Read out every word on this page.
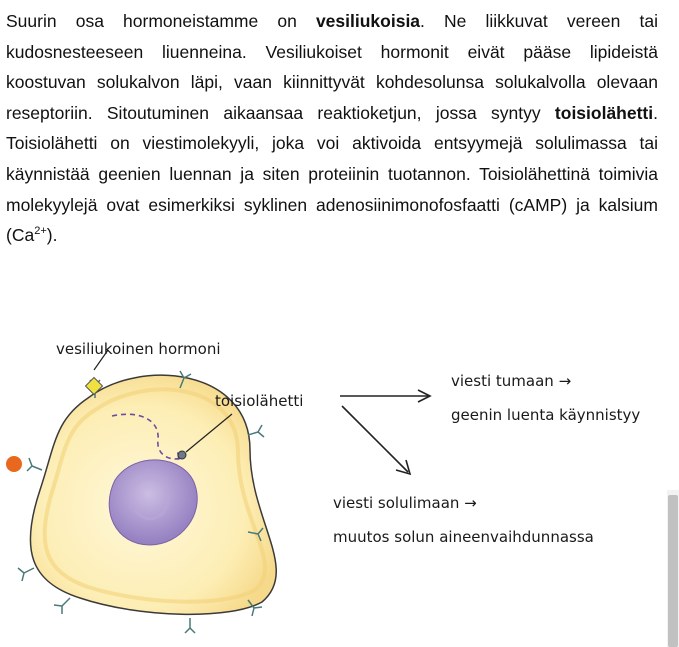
Suurin osa hormoneistamme on vesiliukoisia. Ne liikkuvat vereen tai kudosnesteeseen liuenneina. Vesiliukoiset hormonit eivät pääse lipideistä koostuvan solukalvon läpi, vaan kiinnittyvät kohdesolunsa solukalvolla olevaan reseptoriin. Sitoutuminen aikaansaa reaktioketjun, jossa syntyy toisiolähetti. Toisiolähetti on viestimolekyyli, joka voi aktivoida entsyymejä solulimassa tai käynnistää geenien luennan ja siten proteiinin tuotannon. Toisiolähettinä toimivia molekyylejä ovat esimerkiksi syklinen adenosiinimonofosfaatti (cAMP) ja kalsium $(Ca^{2+})$.

vesiliukoinen hormoni
toisiolähetti
viesti tumaan →
geenin luenta käynnistyy
viesti solulimaan →
muutos solun aineenvaihdunnassa
